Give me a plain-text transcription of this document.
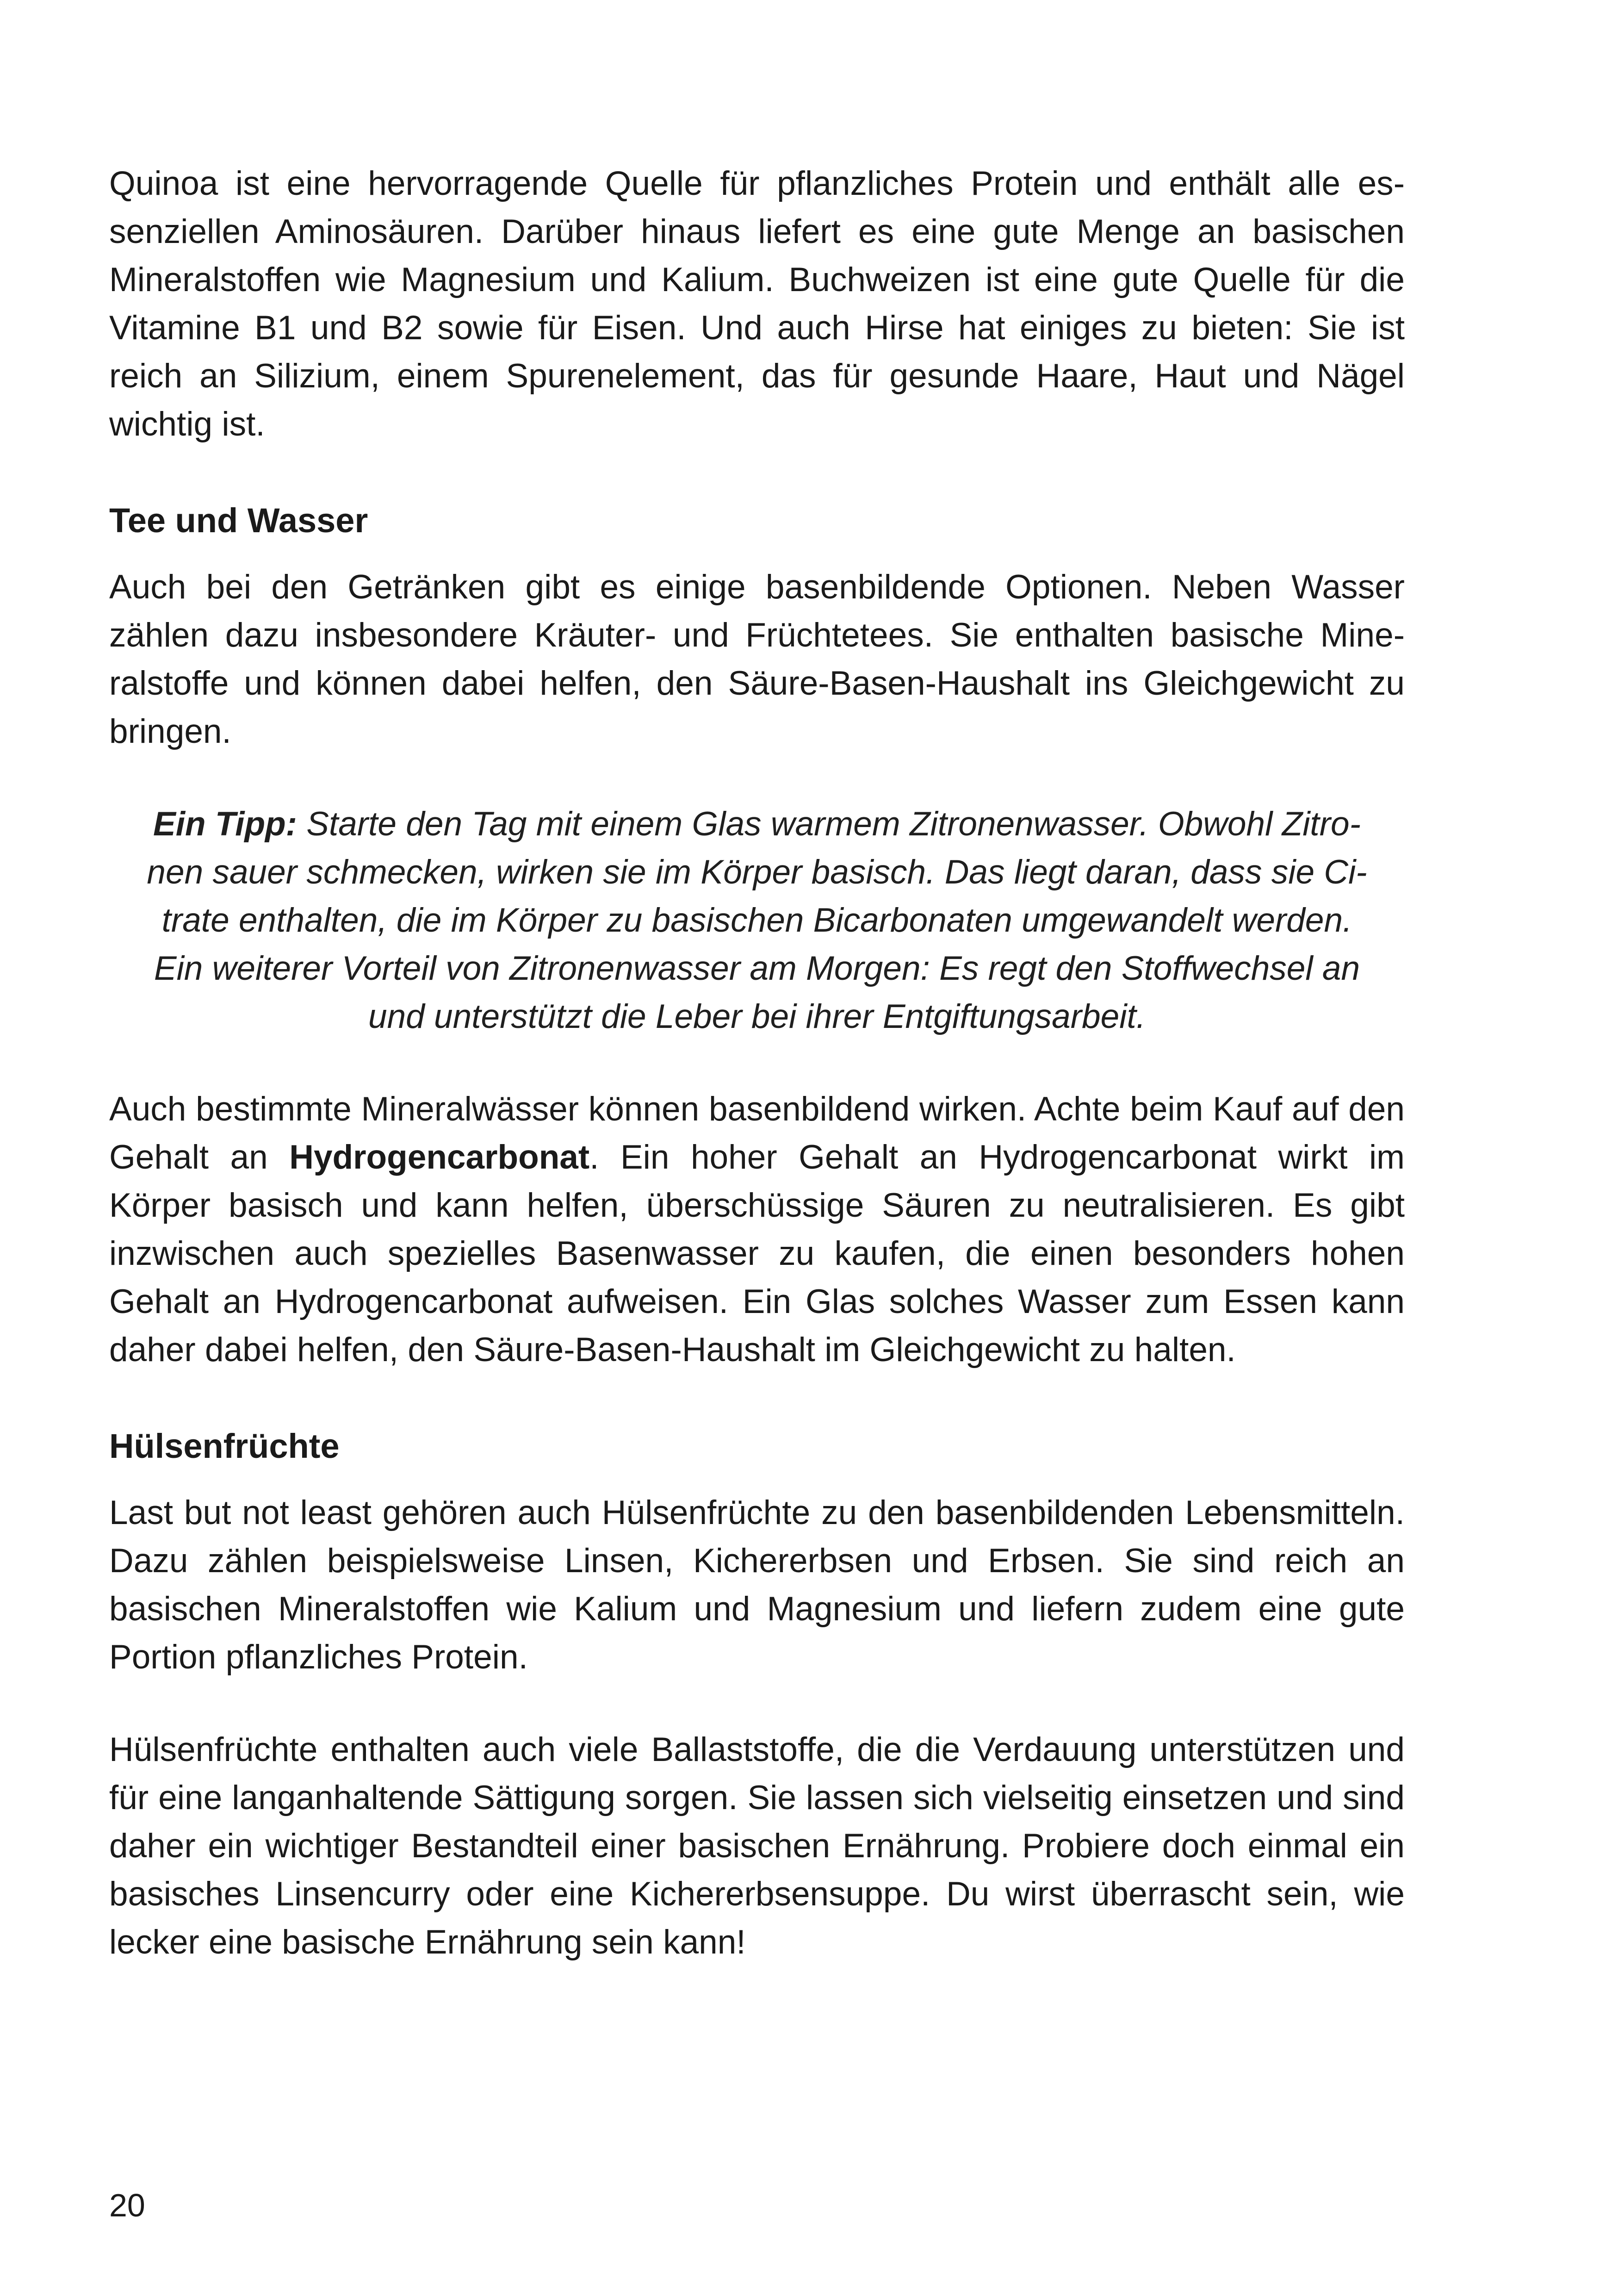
Quinoa ist eine hervorragende Quelle für pflanzliches Protein und enthält alle essenziellen Aminosäuren. Darüber hinaus liefert es eine gute Menge an basischen Mineralstoffen wie Magnesium und Kalium. Buchweizen ist eine gute Quelle für die Vitamine B1 und B2 sowie für Eisen. Und auch Hirse hat einiges zu bieten: Sie ist reich an Silizium, einem Spurenelement, das für gesunde Haare, Haut und Nägel wichtig ist.

Tee und Wasser

Auch bei den Getränken gibt es einige basenbildende Optionen. Neben Wasser zählen dazu insbesondere Kräuter- und Früchtetees. Sie enthalten basische Mineralstoffe und können dabei helfen, den Säure-Basen-Haushalt ins Gleichgewicht zu bringen.

Ein Tipp: Starte den Tag mit einem Glas warmem Zitronenwasser. Obwohl Zitro-

nen sauer schmecken, wirken sie im Körper basisch. Das liegt daran, dass sie Ci-

trate enthalten, die im Körper zu basischen Bicarbonaten umgewandelt werden.

Ein weiterer Vorteil von Zitronenwasser am Morgen: Es regt den Stoffwechsel an

und unterstützt die Leber bei ihrer Entgiftungsarbeit.

Auch bestimmte Mineralwässer können basenbildend wirken. Achte beim Kauf auf den Gehalt an Hydrogencarbonat. Ein hoher Gehalt an Hydrogencarbonat wirkt im Körper basisch und kann helfen, überschüssige Säuren zu neutralisieren. Es gibt inzwischen auch spezielles Basenwasser zu kaufen, die einen besonders hohen Gehalt an Hydrogencarbonat aufweisen. Ein Glas solches Wasser zum Essen kann daher dabei helfen, den Säure-Basen-Haushalt im Gleichgewicht zu halten.

Hülsenfrüchte

Last but not least gehören auch Hülsenfrüchte zu den basenbildenden Lebensmitteln. Dazu zählen beispielsweise Linsen, Kichererbsen und Erbsen. Sie sind reich an basischen Mineralstoffen wie Kalium und Magnesium und liefern zudem eine gute Portion pflanzliches Protein.

Hülsenfrüchte enthalten auch viele Ballaststoffe, die die Verdauung unterstützen und für eine langanhaltende Sättigung sorgen. Sie lassen sich vielseitig einsetzen und sind daher ein wichtiger Bestandteil einer basischen Ernährung. Probiere doch einmal ein basisches Linsencurry oder eine Kichererbsensuppe. Du wirst überrascht sein, wie lecker eine basische Ernährung sein kann!

20
